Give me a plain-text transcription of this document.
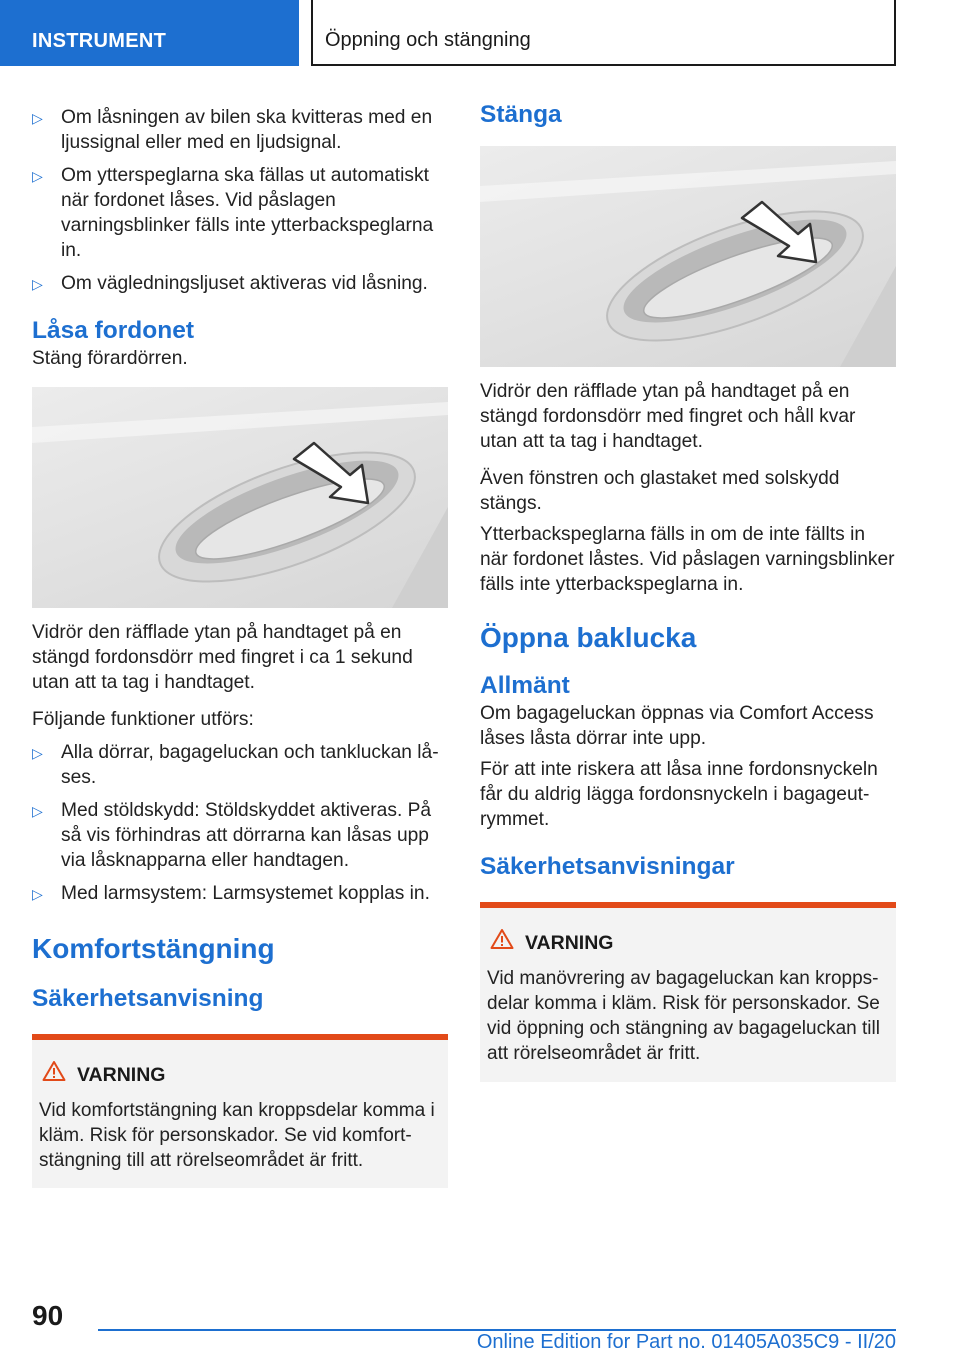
INSTRUMENT	Öppning och stängning
▷ Om låsningen av bilen ska kvitteras med en ljussignal eller med en ljudsignal.
▷ Om ytterspeglarna ska fällas ut automatiskt när fordonet låses. Vid påslagen varningsblinker fälls inte ytterbackspeglarna in.
▷ Om vägledningsljuset aktiveras vid låsning.
Låsa fordonet

Stäng förardörren.

Vidrör den räfflade ytan på handtaget på en stängd fordonsdörr med fingret i ca 1 sekund utan att ta tag i handtaget.

Följande funktioner utförs:

▷ Alla dörrar, bagageluckan och tankluckan låses.
▷ Med stöldskydd: Stöldskyddet aktiveras. På så vis förhindras att dörrarna kan låsas upp via låsknapparna eller handtagen.
▷ Med larmsystem: Larmsystemet kopplas in.
Komfortstängning
Säkerhetsanvisning
VARNING

Vid komfortstängning kan kroppsdelar komma i kläm. Risk för personskador. Se vid komfortstängning till att rörelseområdet är fritt.

Stänga

Vidrör den räfflade ytan på handtaget på en stängd fordonsdörr med fingret och håll kvar utan att ta tag i handtaget.

Även fönstren och glastaket med solskydd stängs.

Ytterbackspeglarna fälls in om de inte fällts in när fordonet låstes. Vid påslagen varningsblinker fälls inte ytterbackspeglarna in.

Öppna baklucka
Allmänt

Om bagageluckan öppnas via Comfort Access låses låsta dörrar inte upp.

För att inte riskera att låsa inne fordonsnyckeln får du aldrig lägga fordonsnyckeln i bagageutrymmet.

Säkerhetsanvisningar
VARNING

Vid manövrering av bagageluckan kan kroppsdelar komma i kläm. Risk för personskador. Se vid öppning och stängning av bagageluckan till att rörelseområdet är fritt.

90
Online Edition for Part no. 01405A035C9 - II/20
